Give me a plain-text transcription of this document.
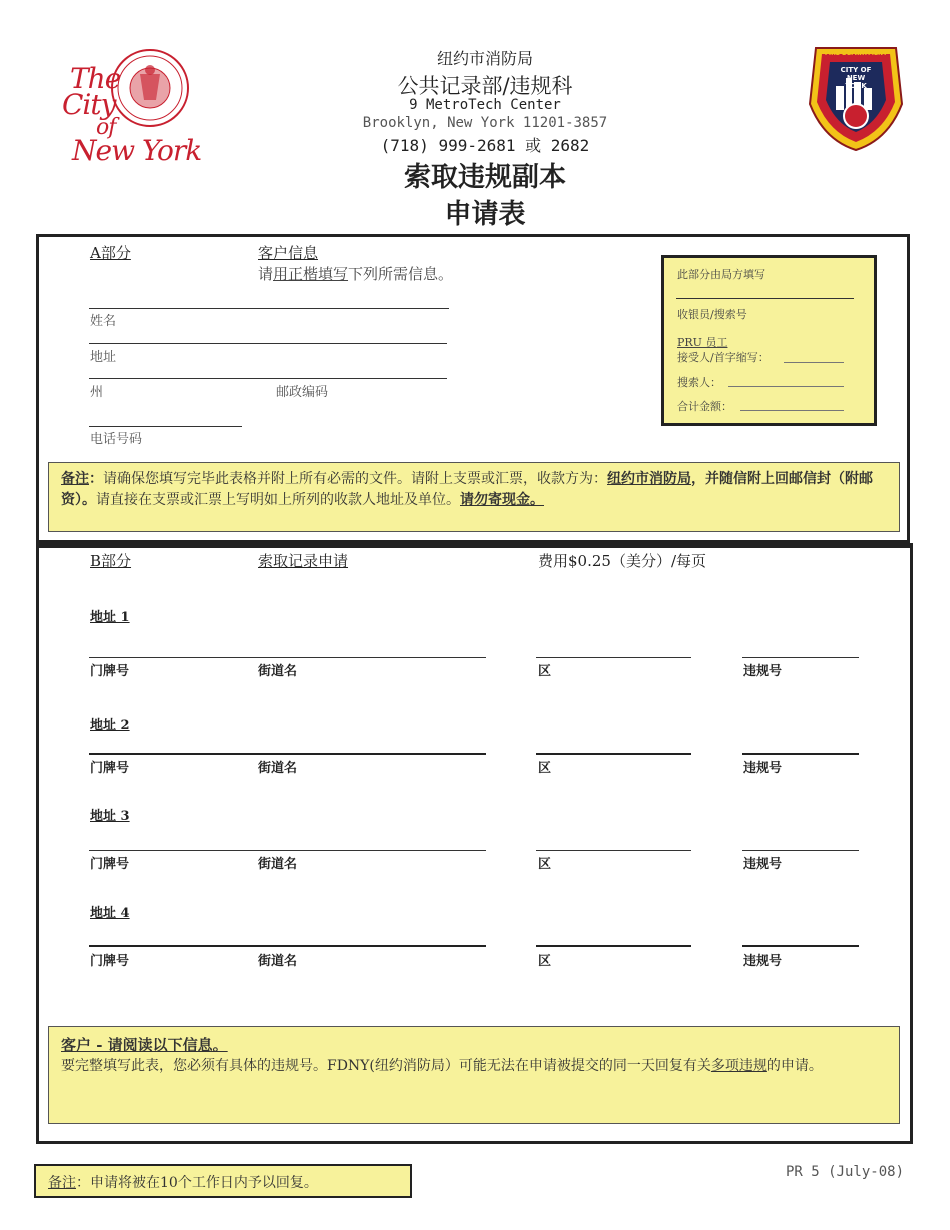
The
City
of
New York
FIRE DEPARTMENT
CITY OF NEW YORK
纽约市消防局
公共记录部/违规科
9 MetroTech Center
Brooklyn, New York 11201-3857
(718) 999-2681 或 2682
索取违规副本
申请表
A部分	客户信息
请用正楷填写下列所需信息。
姓名
地址
州	邮政编码
电话号码
此部分由局方填写
收银员/搜索号
PRU 员工
接受人/首字缩写：
搜索人：
合计金额：
备注：请确保您填写完毕此表格并附上所有必需的文件。请附上支票或汇票，收款方为：纽约市消防局，并随信附上回邮信封（附邮资）。请直接在支票或汇票上写明如上所列的收款人地址及单位。请勿寄现金。
B部分	索取记录申请	费用$0.25（美分）/每页
地址 1
门牌号	街道名	区	违规号
地址 2
门牌号	街道名	区	违规号
地址 3
门牌号	街道名	区	违规号
地址 4
门牌号	街道名	区	违规号
客户 - 请阅读以下信息。
要完整填写此表，您必须有具体的违规号。FDNY(纽约消防局）可能无法在申请被提交的同一天回复有关多项违规的申请。
备注：申请将被在10个工作日内予以回复。
PR 5 (July-08)
